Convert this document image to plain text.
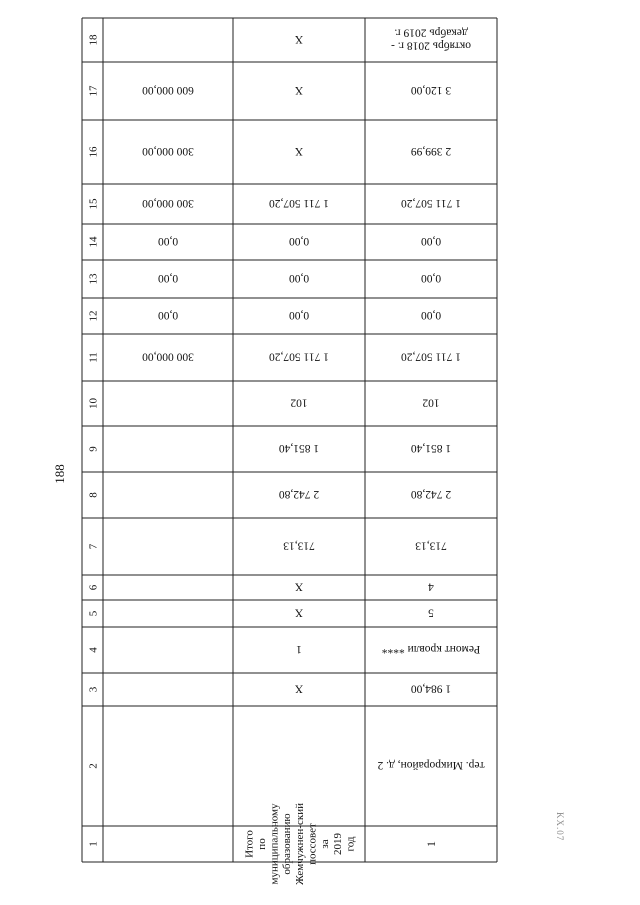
188
KX.07
1
2
3
4
5
6
7
8
9
10
11
12
13
14
15
16
17
18
300 000,00
0,00
0,00
0,00
300 000,00
300 000,00
600 000,00
ИтогопомуниципальномуобразованиюЖемчужнен-скийпоссоветза2019год
Х
1
Х
Х
713,13
2 742,80
1 851,40
102
1 711 507,20
0,00
0,00
0,00
1 711 507,20
Х
Х
Х
1
тер. Микрорайон, д. 2
1 984,00
Ремонт кровли ****
5
4
713,13
2 742,80
1 851,40
102
1 711 507,20
0,00
0,00
0,00
1 711 507,20
2 399,99
3 120,00
октябрь 2018 г. -декабрь 2019 г.
